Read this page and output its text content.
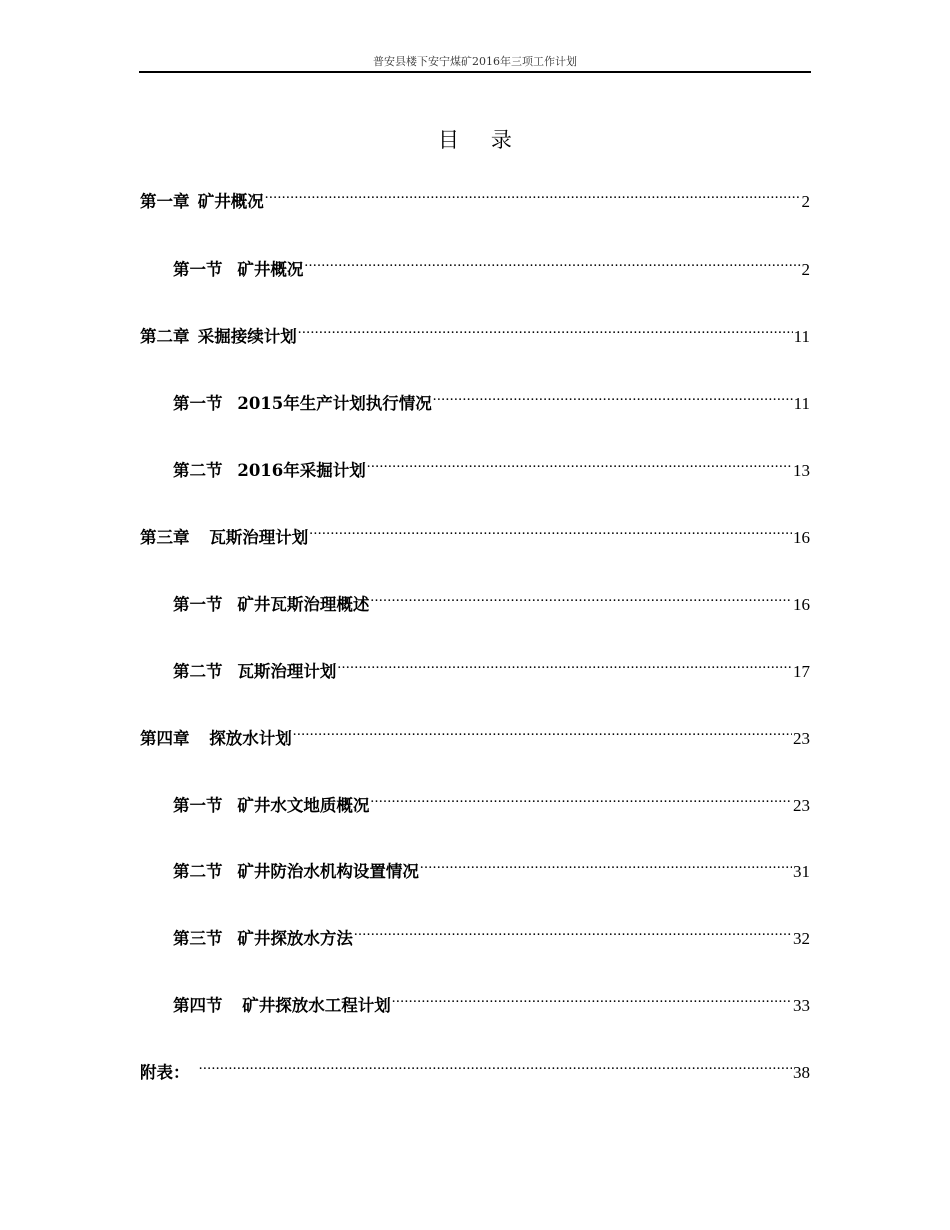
普安县楼下安宁煤矿2016年三项工作计划
目 录
第一章 矿井概况 .....	2
第一节 矿井概况 .....	2
第二章 采掘接续计划 .....	11
第一节 2015年生产计划执行情况 .....	11
第二节 2016年采掘计划 .....	13
第三章 瓦斯治理计划 .....	16
第一节 矿井瓦斯治理概述 .....	16
第二节 瓦斯治理计划 .....	17
第四章 探放水计划 .....	23
第一节 矿井水文地质概况 .....	23
第二节 矿井防治水机构设置情况 .....	31
第三节 矿井探放水方法 .....	32
第四节 矿井探放水工程计划 .....	33
附表： .....	38
